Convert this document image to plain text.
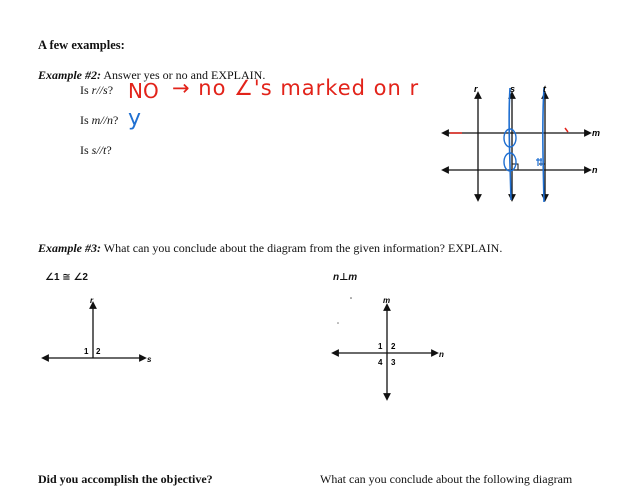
A few examples:
Example #2: Answer yes or no and EXPLAIN.
Is r//s? NO → no ∠'s marked on r
Is m//n? y
Is s//t?
r	s	t
m
n
Example #3: What can you conclude about the diagram from the given information? EXPLAIN.
∠1 ≅ ∠2
r
s
1 2
n⊥m
m
n
1 2
4 3
Did you accomplish the objective?	What can you conclude about the following diagram
